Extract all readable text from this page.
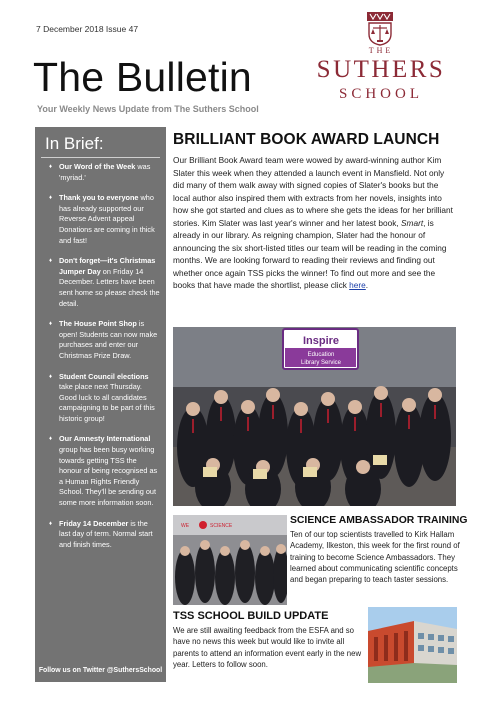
7 December 2018 Issue 47
The Bulletin
Your Weekly News Update from The Suthers School
THE
SUTHERS
SCHOOL
In Brief:
♦ Our Word of the Week was 'myriad.'
♦ Thank you to everyone who has already supported our Reverse Advent appeal Donations are coming in thick and fast!
♦ Don't forget—it's Christmas Jumper Day on Friday 14 December. Letters have been sent home so please check the detail.
♦ The House Point Shop is open! Students can now make purchases and enter our Christmas Prize Draw.
♦ Student Council elections take place next Thursday. Good luck to all candidates campaigning to be part of this historic group!
♦ Our Amnesty International group has been busy working towards getting TSS the honour of being recognised as a Human Rights Friendly School. They'll be sending out some more information soon.
♦ Friday 14 December is the last day of term. Normal start and finish times.
Follow us on Twitter @SuthersSchool
BRILLIANT BOOK AWARD LAUNCH

Our Brilliant Book Award team were wowed by award-winning author Kim Slater this week when they attended a launch event in Mansfield. Not only did many of them walk away with signed copies of Slater's books but the local author also inspired them with extracts from her novels, insights into how she got started and clues as to where she gets the ideas for her brilliant stories. Kim Slater was last year's winner and her latest book, Smart, is already in our library. As reigning champion, Slater had the honour of announcing the six short-listed titles our team will be reading in the coming months. We are looking forward to reading their reviews and finding out whether once again TSS picks the winner! To find out more and see the books that have made the shortlist, please click here.

Inspire
Education
Library Service
WE	SCIENCE	SCIENCE AMBASSADOR TRAINING

Ten of our top scientists travelled to Kirk Hallam Academy, Ilkeston, this week for the first round of training to become Science Ambassadors. They learned about communicating scientific concepts and began preparing to teach taster sessions.

TSS SCHOOL BUILD UPDATE

We are still awaiting feedback from the ESFA and so have no news this week but would like to invite all parents to attend an information event early in the new year. Letters to follow soon.
